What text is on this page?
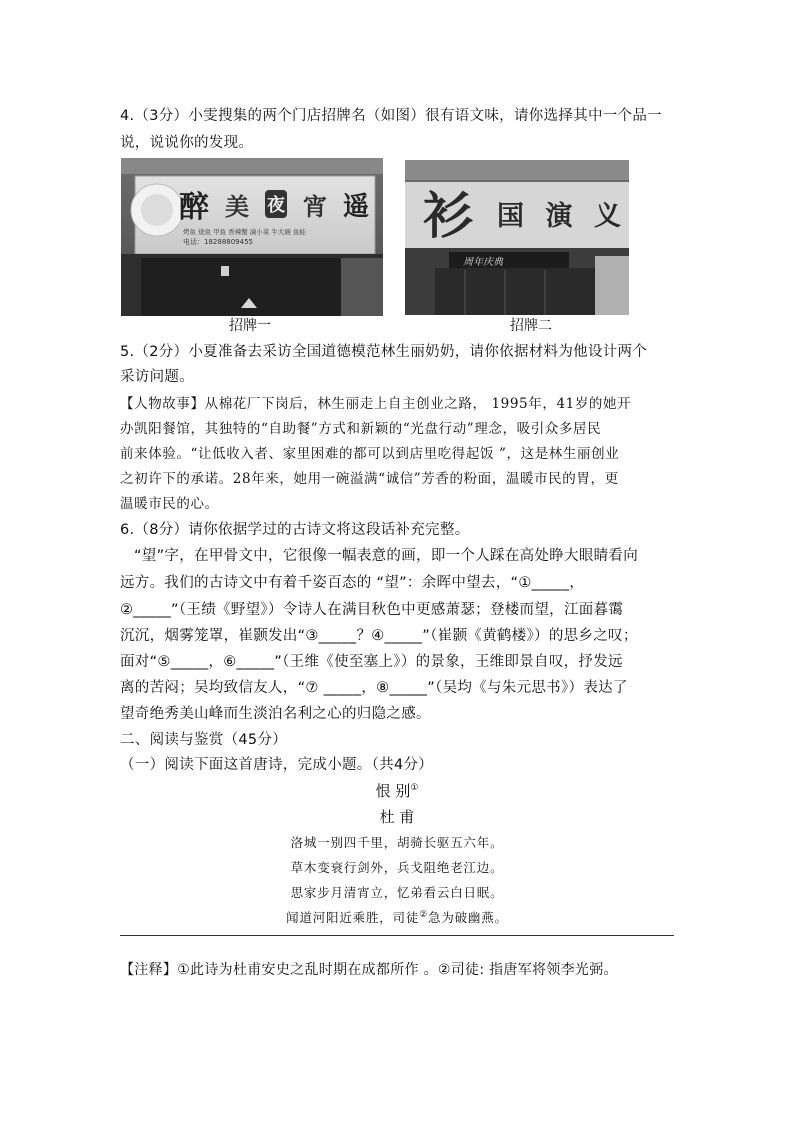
4.（3分）小雯搜集的两个门店招牌名（如图）很有语文味，请你选择其中一个品一
说，说说你的发现。
醉 美 夜 宵 遥
烤鱼 烧鱼 甲鱼 香辣蟹 滷小菜 牛大碗 鱼蛙
电话：18288809455
招牌一
衫 国 演 义
周年庆典
招牌二
5.（2分）小夏准备去采访全国道德模范林生丽奶奶，请你依据材料为他设计两个
采访问题。
【人物故事】从棉花厂下岗后，林生丽走上自主创业之路， 1995年，41岁的她开
办凯阳餐馆，其独特的“自助餐”方式和新颖的“光盘行动”理念，吸引众多居民
前来体验。“让低收入者、家里困难的都可以到店里吃得起饭 ”，这是林生丽创业
之初许下的承诺。28年来，她用一碗溢满“诚信”芳香的粉面，温暖市民的胃，更
温暖市民的心。
6.（8分）请你依据学过的古诗文将这段话补充完整。
“望”字，在甲骨文中，它很像一幅表意的画，即一个人踩在高处睁大眼睛看向
远方。我们的古诗文中有着千姿百态的 “望”：余晖中望去，“①_____，
②_____”（王绩《野望》）令诗人在满目秋色中更感萧瑟；登楼而望，江面暮霭
沉沉，烟雾笼罩，崔颢发出“③_____？④_____”（崔颢《黄鹤楼》）的思乡之叹；
面对“⑤_____，⑥_____”（王维《使至塞上》）的景象，王维即景自叹，抒发远
离的苦闷；吴均致信友人，“⑦ _____，⑧_____”（吴均《与朱元思书》）表达了
望奇绝秀美山峰而生淡泊名利之心的归隐之感。
二、阅读与鉴赏（45分）
（一）阅读下面这首唐诗，完成小题。（共4分）
恨 别①
杜 甫
洛城一别四千里，胡骑长驱五六年。
草木变衰行剑外，兵戈阻绝老江边。
思家步月清宵立，忆弟看云白日眠。
闻道河阳近乘胜，司徒②急为破幽燕。
【注释】①此诗为杜甫安史之乱时期在成都所作 。②司徒: 指唐军将领李光弼。
